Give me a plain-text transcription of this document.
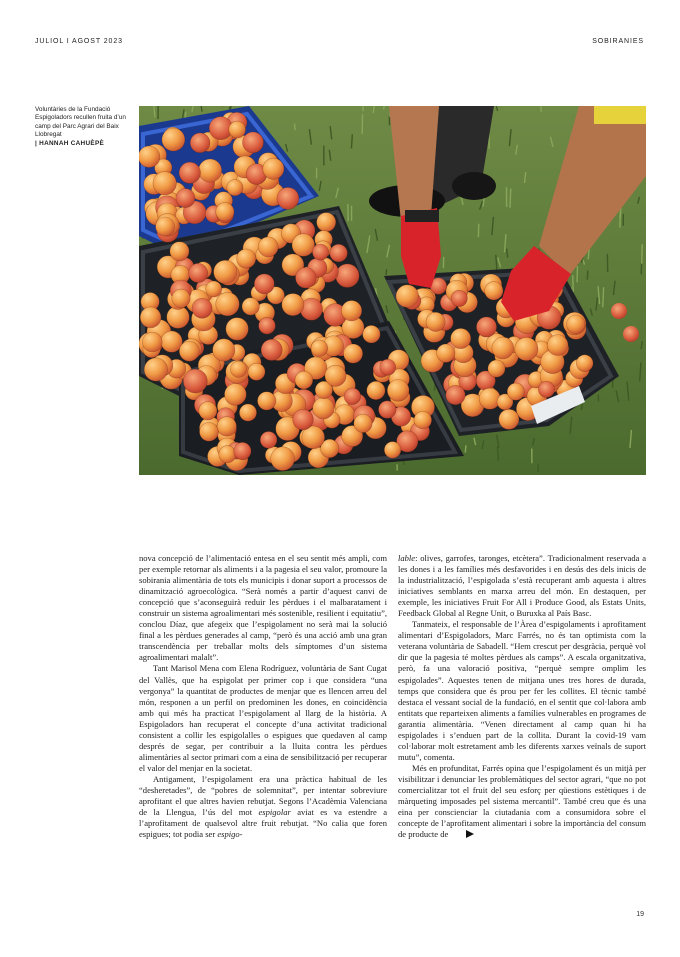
JULIOL I AGOST 2023	SOBIRANIES
Voluntàries de la Fundació Espigoladors recullen fruita d’un camp del Parc Agrari del Baix Llobregat
| HANNAH CAHUÈPÈ

nova concepció de l’alimentació entesa en el seu sentit més ampli, com per exemple retornar als aliments i a la pagesia el seu valor, promoure la sobirania alimentària de tots els municipis i donar suport a processos de dinamització agroecològica. “Serà només a partir d’aquest canvi de concepció que s’aconseguirà reduir les pèrdues i el malbaratament i construir un sistema agroalimentari més sostenible, resilient i equitatiu”, conclou Díaz, que afegeix que l’espigolament no serà mai la solució final a les pèrdues generades al camp, “però és una acció amb una gran transcendència per treballar molts dels símptomes d’un sistema agroalimentari malalt”.

Tant Marisol Mena com Elena Rodríguez, voluntària de Sant Cugat del Vallès, que ha espigolat per primer cop i que considera “una vergonya” la quantitat de productes de menjar que es llencen arreu del món, responen a un perfil on predominen les dones, en coincidència amb qui més ha practicat l’espigolament al llarg de la història. A Espigoladors han recuperat el concepte d’una activitat tradicional consistent a collir les espigolalles o espigues que quedaven al camp després de segar, per contribuir a la lluita contra les pèrdues alimentàries al sector primari com a eina de sensibilització per recuperar el valor del menjar en la societat.

Antigament, l’espigolament era una pràctica habitual de les “desheretades”, de “pobres de solemnitat”, per intentar sobreviure aprofitant el que altres havien rebutjat. Segons l’Acadèmia Valenciana de la Llengua, l’ús del mot espigolar aviat es va estendre a l’aprofitament de qualsevol altre fruit rebutjat. “No calia que foren espigues; tot podia ser espigo-

lable: olives, garrofes, taronges, etcètera”. Tradicionalment reservada a les dones i a les famílies més desfavorides i en desús des dels inicis de la industrialització, l’espigolada s’està recuperant amb aquesta i altres iniciatives semblants en marxa arreu del món. En destaquen, per exemple, les iniciatives Fruit For All i Produce Good, als Estats Units, Feedback Global al Regne Unit, o Buruxka al País Basc.

Tanmateix, el responsable de l’Àrea d’espigolaments i aprofitament alimentari d’Espigoladors, Marc Farrés, no és tan optimista com la veterana voluntària de Sabadell. “Hem crescut per desgràcia, perquè vol dir que la pagesia té moltes pèrdues als camps”. A escala organitzativa, però, fa una valoració positiva, “perquè sempre omplim les espigolades”. Aquestes tenen de mitjana unes tres hores de durada, temps que considera que és prou per fer les collites. El tècnic també destaca el vessant social de la fundació, en el sentit que col·labora amb entitats que reparteixen aliments a famílies vulnerables en programes de garantia alimentària. “Venen directament al camp quan hi ha espigolades i s’enduen part de la collita. Durant la covid-19 vam col·laborar molt estretament amb les diferents xarxes veïnals de suport mutu”, comenta.

Més en profunditat, Farrés opina que l’espigolament és un mitjà per visibilitzar i denunciar les problemàtiques del sector agrari, “que no pot comercialitzar tot el fruit del seu esforç per qüestions estètiques i de màrqueting imposades pel sistema mercantil”. També creu que és una eina per conscienciar la ciutadania com a consumidora sobre el concepte de l’aprofitament alimentari i sobre la importància del consum de producte de

19
